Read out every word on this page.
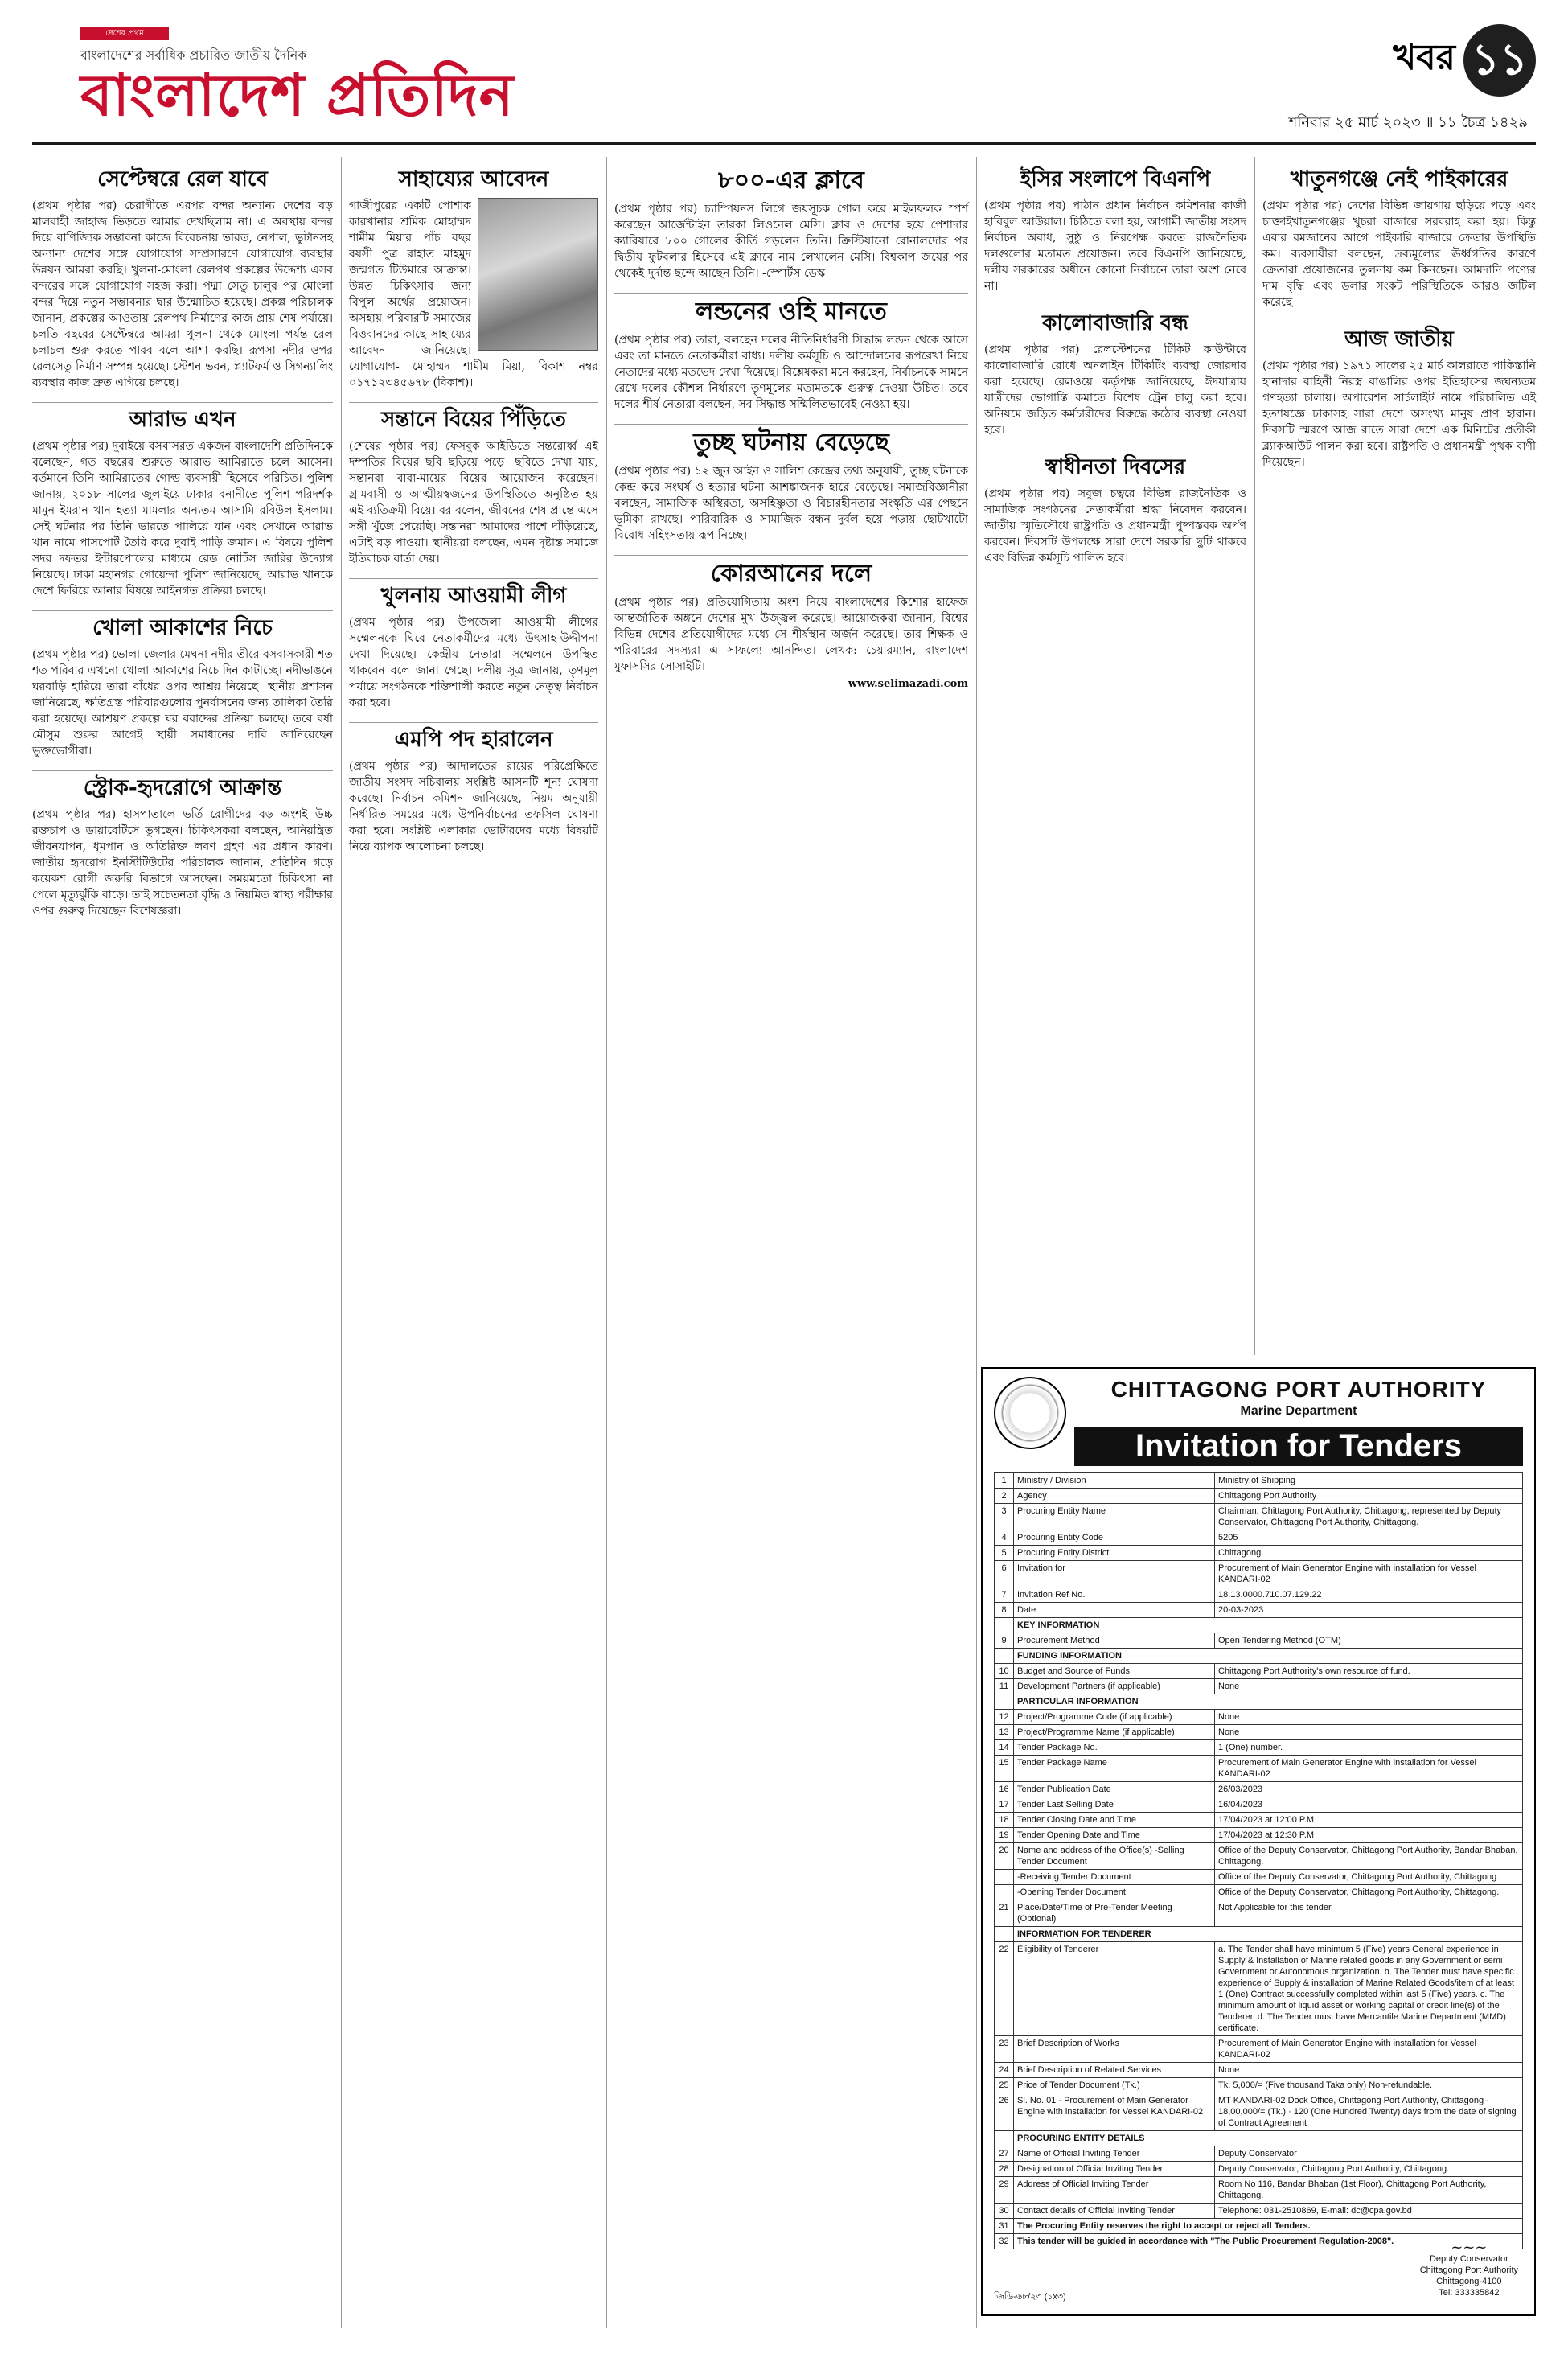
দেশের প্রথম
বাংলাদেশের সর্বাধিক প্রচারিত জাতীয় দৈনিক
বাংলাদেশ প্রতিদিন
খবর ১১
শনিবার ২৫ মার্চ ২০২৩ ॥ ১১ চৈত্র ১৪২৯
সেপ্টেম্বরে রেল যাবে
(প্রথম পৃষ্ঠার পর) চেরাগীতে এরপর বন্দর অন্যান্য দেশের বড় মালবাহী জাহাজ ভিড়তে আমার দেখছিলাম না। এ অবস্থায় বন্দর দিয়ে বাণিজ্যিক সম্ভাবনা কাজে বিবেচনায় ভারত, নেপাল, ভুটানসহ অন্যান্য দেশের সঙ্গে যোগাযোগ সম্প্রসারণে যোগাযোগ ব্যবস্থার উন্নয়ন আমরা করছি। খুলনা-মোংলা রেলপথ প্রকল্পের উদ্দেশ্য এসব বন্দরের সঙ্গে যোগাযোগ সহজ করা। পদ্মা সেতু চালুর পর মোংলা বন্দর দিয়ে নতুন সম্ভাবনার দ্বার উন্মোচিত হয়েছে। প্রকল্প পরিচালক জানান, প্রকল্পের আওতায় রেলপথ নির্মাণের কাজ প্রায় শেষ পর্যায়ে। চলতি বছরের সেপ্টেম্বরে আমরা খুলনা থেকে মোংলা পর্যন্ত রেল চলাচল শুরু করতে পারব বলে আশা করছি। রূপসা নদীর ওপর রেলসেতু নির্মাণ সম্পন্ন হয়েছে। স্টেশন ভবন, প্ল্যাটফর্ম ও সিগন্যালিং ব্যবস্থার কাজ দ্রুত এগিয়ে চলছে।
আরাভ এখন
(প্রথম পৃষ্ঠার পর) দুবাইয়ে বসবাসরত একজন বাংলাদেশি প্রতিদিনকে বলেছেন, গত বছরের শুরুতে আরাভ আমিরাতে চলে আসেন। বর্তমানে তিনি আমিরাতের গোল্ড ব্যবসায়ী হিসেবে পরিচিত। পুলিশ জানায়, ২০১৮ সালের জুলাইয়ে ঢাকার বনানীতে পুলিশ পরিদর্শক মামুন ইমরান খান হত্যা মামলার অন্যতম আসামি রবিউল ইসলাম। সেই ঘটনার পর তিনি ভারতে পালিয়ে যান এবং সেখানে আরাভ খান নামে পাসপোর্ট তৈরি করে দুবাই পাড়ি জমান। এ বিষয়ে পুলিশ সদর দফতর ইন্টারপোলের মাধ্যমে রেড নোটিস জারির উদ্যোগ নিয়েছে। ঢাকা মহানগর গোয়েন্দা পুলিশ জানিয়েছে, আরাভ খানকে দেশে ফিরিয়ে আনার বিষয়ে আইনগত প্রক্রিয়া চলছে।
খোলা আকাশের নিচে
(প্রথম পৃষ্ঠার পর) ভোলা জেলার মেঘনা নদীর তীরে বসবাসকারী শত শত পরিবার এখনো খোলা আকাশের নিচে দিন কাটাচ্ছে। নদীভাঙনে ঘরবাড়ি হারিয়ে তারা বাঁধের ওপর আশ্রয় নিয়েছে। স্থানীয় প্রশাসন জানিয়েছে, ক্ষতিগ্রস্ত পরিবারগুলোর পুনর্বাসনের জন্য তালিকা তৈরি করা হয়েছে। আশ্রয়ণ প্রকল্পে ঘর বরাদ্দের প্রক্রিয়া চলছে। তবে বর্ষা মৌসুম শুরুর আগেই স্থায়ী সমাধানের দাবি জানিয়েছেন ভুক্তভোগীরা।
স্ট্রোক-হৃদরোগে আক্রান্ত
(প্রথম পৃষ্ঠার পর) হাসপাতালে ভর্তি রোগীদের বড় অংশই উচ্চ রক্তচাপ ও ডায়াবেটিসে ভুগছেন। চিকিৎসকরা বলছেন, অনিয়ন্ত্রিত জীবনযাপন, ধূমপান ও অতিরিক্ত লবণ গ্রহণ এর প্রধান কারণ। জাতীয় হৃদরোগ ইনস্টিটিউটের পরিচালক জানান, প্রতিদিন গড়ে কয়েকশ রোগী জরুরি বিভাগে আসছেন। সময়মতো চিকিৎসা না পেলে মৃত্যুঝুঁকি বাড়ে। তাই সচেতনতা বৃদ্ধি ও নিয়মিত স্বাস্থ্য পরীক্ষার ওপর গুরুত্ব দিয়েছেন বিশেষজ্ঞরা।
সাহায্যের আবেদন
গাজীপুরের একটি পোশাক কারখানার শ্রমিক মোহাম্মদ শামীম মিয়ার পাঁচ বছর বয়সী পুত্র রাহাত মাহমুদ জন্মগত টিউমারে আক্রান্ত। উন্নত চিকিৎসার জন্য বিপুল অর্থের প্রয়োজন। অসহায় পরিবারটি সমাজের বিত্তবানদের কাছে সাহায্যের আবেদন জানিয়েছে। যোগাযোগ- মোহাম্মদ শামীম মিয়া, বিকাশ নম্বর ০১৭১২৩৪৫৬৭৮ (বিকাশ)।
সন্তানে বিয়ের পিঁড়িতে
(শেষের পৃষ্ঠার পর) ফেসবুক আইডিতে সন্তরোর্ধ্ব এই দম্পতির বিয়ের ছবি ছড়িয়ে পড়ে। ছবিতে দেখা যায়, সন্তানরা বাবা-মায়ের বিয়ের আয়োজন করেছেন। গ্রামবাসী ও আত্মীয়স্বজনের উপস্থিতিতে অনুষ্ঠিত হয় এই ব্যতিক্রমী বিয়ে। বর বলেন, জীবনের শেষ প্রান্তে এসে সঙ্গী খুঁজে পেয়েছি। সন্তানরা আমাদের পাশে দাঁড়িয়েছে, এটাই বড় পাওয়া। স্থানীয়রা বলছেন, এমন দৃষ্টান্ত সমাজে ইতিবাচক বার্তা দেয়।
খুলনায় আওয়ামী লীগ
(প্রথম পৃষ্ঠার পর) উপজেলা আওয়ামী লীগের সম্মেলনকে ঘিরে নেতাকর্মীদের মধ্যে উৎসাহ-উদ্দীপনা দেখা দিয়েছে। কেন্দ্রীয় নেতারা সম্মেলনে উপস্থিত থাকবেন বলে জানা গেছে। দলীয় সূত্র জানায়, তৃণমূল পর্যায়ে সংগঠনকে শক্তিশালী করতে নতুন নেতৃত্ব নির্বাচন করা হবে।
এমপি পদ হারালেন
(প্রথম পৃষ্ঠার পর) আদালতের রায়ের পরিপ্রেক্ষিতে জাতীয় সংসদ সচিবালয় সংশ্লিষ্ট আসনটি শূন্য ঘোষণা করেছে। নির্বাচন কমিশন জানিয়েছে, নিয়ম অনুযায়ী নির্ধারিত সময়ের মধ্যে উপনির্বাচনের তফসিল ঘোষণা করা হবে। সংশ্লিষ্ট এলাকার ভোটারদের মধ্যে বিষয়টি নিয়ে ব্যাপক আলোচনা চলছে।
৮০০-এর ক্লাবে
(প্রথম পৃষ্ঠার পর) চ্যাম্পিয়নস লিগে জয়সূচক গোল করে মাইলফলক স্পর্শ করেছেন আর্জেন্টাইন তারকা লিওনেল মেসি। ক্লাব ও দেশের হয়ে পেশাদার ক্যারিয়ারে ৮০০ গোলের কীর্তি গড়লেন তিনি। ক্রিস্টিয়ানো রোনালদোর পর দ্বিতীয় ফুটবলার হিসেবে এই ক্লাবে নাম লেখালেন মেসি। বিশ্বকাপ জয়ের পর থেকেই দুর্দান্ত ছন্দে আছেন তিনি। -স্পোর্টস ডেস্ক
লন্ডনের ওহি মানতে
(প্রথম পৃষ্ঠার পর) তারা, বলছেন দলের নীতিনির্ধারণী সিদ্ধান্ত লন্ডন থেকে আসে এবং তা মানতে নেতাকর্মীরা বাধ্য। দলীয় কর্মসূচি ও আন্দোলনের রূপরেখা নিয়ে নেতাদের মধ্যে মতভেদ দেখা দিয়েছে। বিশ্লেষকরা মনে করছেন, নির্বাচনকে সামনে রেখে দলের কৌশল নির্ধারণে তৃণমূলের মতামতকে গুরুত্ব দেওয়া উচিত। তবে দলের শীর্ষ নেতারা বলছেন, সব সিদ্ধান্ত সম্মিলিতভাবেই নেওয়া হয়।
তুচ্ছ ঘটনায় বেড়েছে
(প্রথম পৃষ্ঠার পর) ১২ জুন আইন ও সালিশ কেন্দ্রের তথ্য অনুযায়ী, তুচ্ছ ঘটনাকে কেন্দ্র করে সংঘর্ষ ও হত্যার ঘটনা আশঙ্কাজনক হারে বেড়েছে। সমাজবিজ্ঞানীরা বলছেন, সামাজিক অস্থিরতা, অসহিষ্ণুতা ও বিচারহীনতার সংস্কৃতি এর পেছনে ভূমিকা রাখছে। পারিবারিক ও সামাজিক বন্ধন দুর্বল হয়ে পড়ায় ছোটখাটো বিরোধ সহিংসতায় রূপ নিচ্ছে।
কোরআনের দলে
(প্রথম পৃষ্ঠার পর) প্রতিযোগিতায় অংশ নিয়ে বাংলাদেশের কিশোর হাফেজ আন্তর্জাতিক অঙ্গনে দেশের মুখ উজ্জ্বল করেছে। আয়োজকরা জানান, বিশ্বের বিভিন্ন দেশের প্রতিযোগীদের মধ্যে সে শীর্ষস্থান অর্জন করেছে। তার শিক্ষক ও পরিবারের সদস্যরা এ সাফল্যে আনন্দিত। লেখক: চেয়ারম্যান, বাংলাদেশ মুফাসসির সোসাইটি।
www.selimazadi.com
ইসির সংলাপে বিএনপি
(প্রথম পৃষ্ঠার পর) পাঠান প্রধান নির্বাচন কমিশনার কাজী হাবিবুল আউয়াল। চিঠিতে বলা হয়, আগামী জাতীয় সংসদ নির্বাচন অবাধ, সুষ্ঠু ও নিরপেক্ষ করতে রাজনৈতিক দলগুলোর মতামত প্রয়োজন। তবে বিএনপি জানিয়েছে, দলীয় সরকারের অধীনে কোনো নির্বাচনে তারা অংশ নেবে না।
কালোবাজারি বন্ধ
(প্রথম পৃষ্ঠার পর) রেলস্টেশনের টিকিট কাউন্টারে কালোবাজারি রোধে অনলাইন টিকিটিং ব্যবস্থা জোরদার করা হয়েছে। রেলওয়ে কর্তৃপক্ষ জানিয়েছে, ঈদযাত্রায় যাত্রীদের ভোগান্তি কমাতে বিশেষ ট্রেন চালু করা হবে। অনিয়মে জড়িত কর্মচারীদের বিরুদ্ধে কঠোর ব্যবস্থা নেওয়া হবে।
স্বাধীনতা দিবসের
(প্রথম পৃষ্ঠার পর) সবুজ চত্বরে বিভিন্ন রাজনৈতিক ও সামাজিক সংগঠনের নেতাকর্মীরা শ্রদ্ধা নিবেদন করবেন। জাতীয় স্মৃতিসৌধে রাষ্ট্রপতি ও প্রধানমন্ত্রী পুষ্পস্তবক অর্পণ করবেন। দিবসটি উপলক্ষে সারা দেশে সরকারি ছুটি থাকবে এবং বিভিন্ন কর্মসূচি পালিত হবে।
খাতুনগঞ্জে নেই পাইকারের
(প্রথম পৃষ্ঠার পর) দেশের বিভিন্ন জায়গায় ছড়িয়ে পড়ে এবং চাক্তাইখাতুনগঞ্জের খুচরা বাজারে সরবরাহ করা হয়। কিন্তু এবার রমজানের আগে পাইকারি বাজারে ক্রেতার উপস্থিতি কম। ব্যবসায়ীরা বলছেন, দ্রব্যমূল্যের ঊর্ধ্বগতির কারণে ক্রেতারা প্রয়োজনের তুলনায় কম কিনছেন। আমদানি পণ্যের দাম বৃদ্ধি এবং ডলার সংকট পরিস্থিতিকে আরও জটিল করেছে।
আজ জাতীয়
(প্রথম পৃষ্ঠার পর) ১৯৭১ সালের ২৫ মার্চ কালরাতে পাকিস্তানি হানাদার বাহিনী নিরস্ত্র বাঙালির ওপর ইতিহাসের জঘন্যতম গণহত্যা চালায়। অপারেশন সার্চলাইট নামে পরিচালিত এই হত্যাযজ্ঞে ঢাকাসহ সারা দেশে অসংখ্য মানুষ প্রাণ হারান। দিবসটি স্মরণে আজ রাতে সারা দেশে এক মিনিটের প্রতীকী ব্ল্যাকআউট পালন করা হবে। রাষ্ট্রপতি ও প্রধানমন্ত্রী পৃথক বাণী দিয়েছেন।
CHITTAGONG PORT AUTHORITY
Marine Department
Invitation for Tenders
1	Ministry / Division	Ministry of Shipping
2	Agency	Chittagong Port Authority
3	Procuring Entity Name	Chairman, Chittagong Port Authority, Chittagong, represented by Deputy Conservator, Chittagong Port Authority, Chittagong.
4	Procuring Entity Code	5205
5	Procuring Entity District	Chittagong
6	Invitation for	Procurement of Main Generator Engine with installation for Vessel KANDARI-02
7	Invitation Ref No.	18.13.0000.710.07.129.22
8	Date	20-03-2023
	KEY INFORMATION	
9	Procurement Method	Open Tendering Method (OTM)
	FUNDING INFORMATION	
10	Budget and Source of Funds	Chittagong Port Authority's own resource of fund.
11	Development Partners (if applicable)	None
	PARTICULAR INFORMATION	
12	Project/Programme Code (if applicable)	None
13	Project/Programme Name (if applicable)	None
14	Tender Package No.	1 (One) number.
15	Tender Package Name	Procurement of Main Generator Engine with installation for Vessel KANDARI-02
16	Tender Publication Date	26/03/2023
17	Tender Last Selling Date	16/04/2023
18	Tender Closing Date and Time	17/04/2023 at 12:00 P.M
19	Tender Opening Date and Time	17/04/2023 at 12:30 P.M
20	Name and address of the Office(s) -Selling Tender Document	Office of the Deputy Conservator, Chittagong Port Authority, Bandar Bhaban, Chittagong.
	-Receiving Tender Document	Office of the Deputy Conservator, Chittagong Port Authority, Chittagong.
	-Opening Tender Document	Office of the Deputy Conservator, Chittagong Port Authority, Chittagong.
21	Place/Date/Time of Pre-Tender Meeting (Optional)	Not Applicable for this tender.
	INFORMATION FOR TENDERER	
22	Eligibility of Tenderer	a. The Tender shall have minimum 5 (Five) years General experience in Supply & Installation of Marine related goods in any Government or semi Government or Autonomous organization. b. The Tender must have specific experience of Supply & installation of Marine Related Goods/item of at least 1 (One) Contract successfully completed within last 5 (Five) years. c. The minimum amount of liquid asset or working capital or credit line(s) of the Tenderer. d. The Tender must have Mercantile Marine Department (MMD) certificate.
23	Brief Description of Works	Procurement of Main Generator Engine with installation for Vessel KANDARI-02
24	Brief Description of Related Services	None
25	Price of Tender Document (Tk.)	Tk. 5,000/= (Five thousand Taka only) Non-refundable.
26	Sl. No. 01 · Procurement of Main Generator Engine with installation for Vessel KANDARI-02	MT KANDARI-02 Dock Office, Chittagong Port Authority, Chittagong · 18,00,000/= (Tk.) · 120 (One Hundred Twenty) days from the date of signing of Contract Agreement
	PROCURING ENTITY DETAILS	
27	Name of Official Inviting Tender	Deputy Conservator
28	Designation of Official Inviting Tender	Deputy Conservator, Chittagong Port Authority, Chittagong.
29	Address of Official Inviting Tender	Room No 116, Bandar Bhaban (1st Floor), Chittagong Port Authority, Chittagong.
30	Contact details of Official Inviting Tender	Telephone: 031-2510869, E-mail: dc@cpa.gov.bd
31	The Procuring Entity reserves the right to accept or reject all Tenders.	
32	This tender will be guided in accordance with "The Public Procurement Regulation-2008".	
জিডি-৬৮/২৩ (১x৩)
~~~
Deputy Conservator
Chittagong Port Authority
Chittagong-4100
Tel: 333335842
